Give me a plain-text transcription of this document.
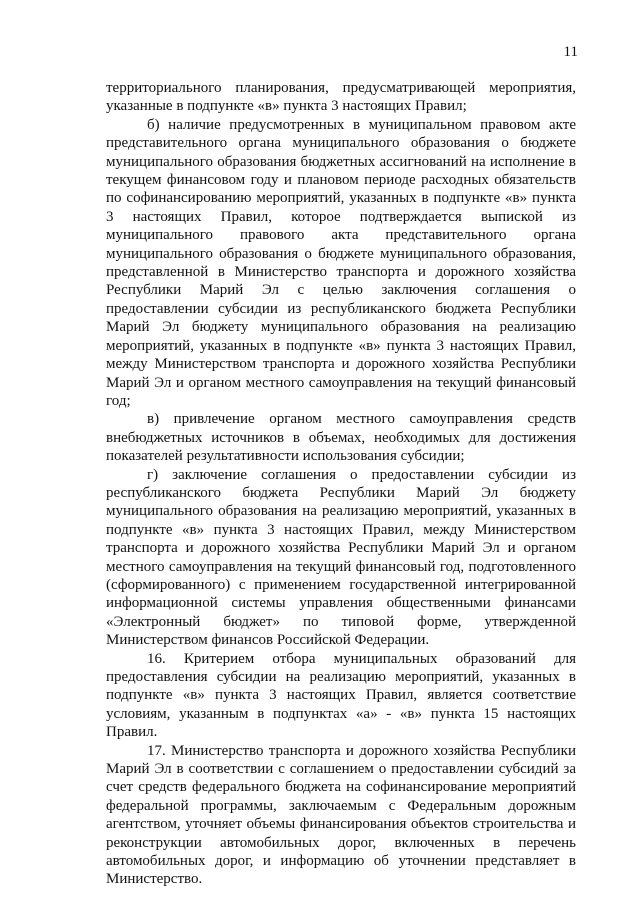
11

территориального планирования, предусматривающей мероприятия, указанные в подпункте «в» пункта 3 настоящих Правил;

б) наличие предусмотренных в муниципальном правовом акте представительного органа муниципального образования о бюджете муниципального образования бюджетных ассигнований на исполнение в текущем финансовом году и плановом периоде расходных обязательств по софинансированию мероприятий, указанных в подпункте «в» пункта 3 настоящих Правил, которое подтверждается выпиской из муниципального правового акта представительного органа муниципального образования о бюджете муниципального образования, представленной в Министерство транспорта и дорожного хозяйства Республики Марий Эл с целью заключения соглашения о предоставлении субсидии из республиканского бюджета Республики Марий Эл бюджету муниципального образования на реализацию мероприятий, указанных в подпункте «в» пункта 3 настоящих Правил, между Министерством транспорта и дорожного хозяйства Республики Марий Эл и органом местного самоуправления на текущий финансовый год;

в) привлечение органом местного самоуправления средств внебюджетных источников в объемах, необходимых для достижения показателей результативности использования субсидии;

г) заключение соглашения о предоставлении субсидии из республиканского бюджета Республики Марий Эл бюджету муниципального образования на реализацию мероприятий, указанных в подпункте «в» пункта 3 настоящих Правил, между Министерством транспорта и дорожного хозяйства Республики Марий Эл и органом местного самоуправления на текущий финансовый год, подготовленного (сформированного) с применением государственной интегрированной информационной системы управления общественными финансами «Электронный бюджет» по типовой форме, утвержденной Министерством финансов Российской Федерации.

16. Критерием отбора муниципальных образований для предоставления субсидии на реализацию мероприятий, указанных в подпункте «в» пункта 3 настоящих Правил, является соответствие условиям, указанным в подпунктах «а» - «в» пункта 15 настоящих Правил.

17. Министерство транспорта и дорожного хозяйства Республики Марий Эл в соответствии с соглашением о предоставлении субсидий за счет средств федерального бюджета на софинансирование мероприятий федеральной программы, заключаемым с Федеральным дорожным агентством, уточняет объемы финансирования объектов строительства и реконструкции автомобильных дорог, включенных в перечень автомобильных дорог, и информацию об уточнении представляет в Министерство.
